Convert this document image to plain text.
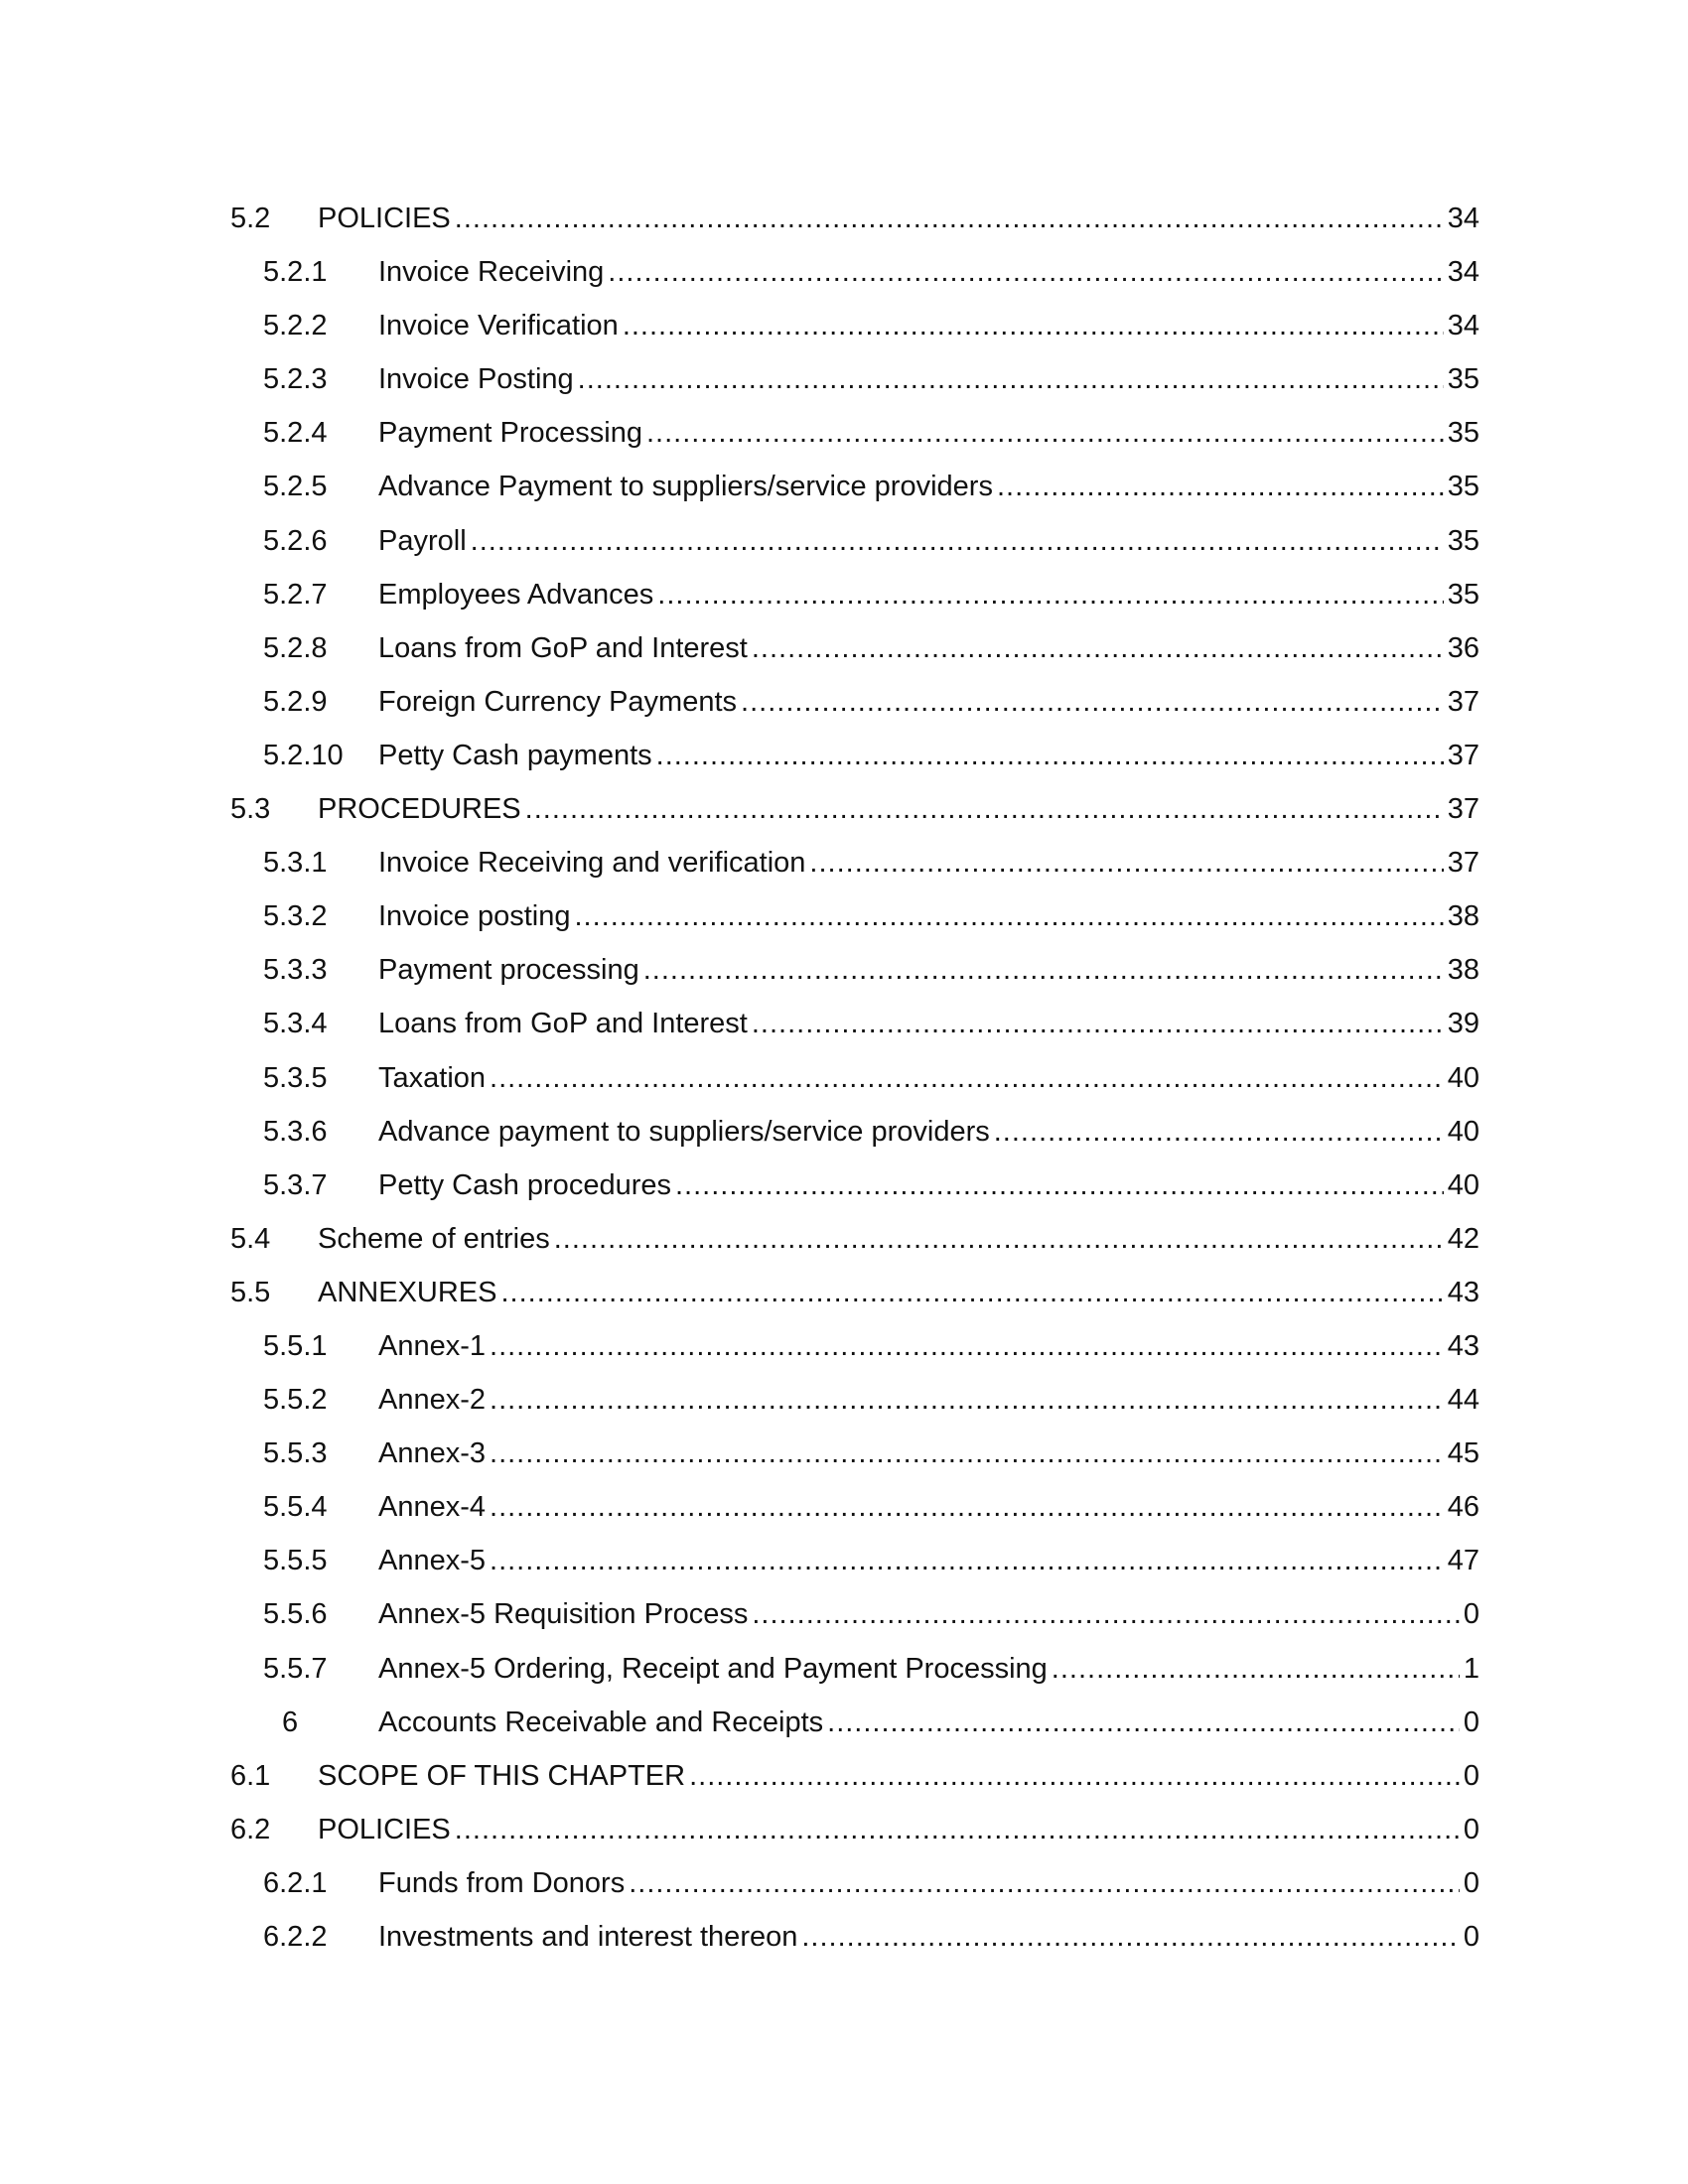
5.2 POLICIES .....	34
5.2.1 Invoice Receiving .....	34
5.2.2 Invoice Verification .....	34
5.2.3 Invoice Posting .....	35
5.2.4 Payment Processing .....	35
5.2.5 Advance Payment to suppliers/service providers .....	35
5.2.6 Payroll .....	35
5.2.7 Employees Advances .....	35
5.2.8 Loans from GoP and Interest .....	36
5.2.9 Foreign Currency Payments .....	37
5.2.10 Petty Cash payments .....	37
5.3 PROCEDURES .....	37
5.3.1 Invoice Receiving and verification .....	37
5.3.2 Invoice posting .....	38
5.3.3 Payment processing .....	38
5.3.4 Loans from GoP and Interest .....	39
5.3.5 Taxation .....	40
5.3.6 Advance payment to suppliers/service providers .....	40
5.3.7 Petty Cash procedures .....	40
5.4 Scheme of entries .....	42
5.5 ANNEXURES .....	43
5.5.1 Annex-1 .....	43
5.5.2 Annex-2 .....	44
5.5.3 Annex-3 .....	45
5.5.4 Annex-4 .....	46
5.5.5 Annex-5 .....	47
5.5.6 Annex-5 Requisition Process .....	0
5.5.7 Annex-5 Ordering, Receipt and Payment Processing .....	1
6	Accounts Receivable and Receipts .....	0
6.1 SCOPE OF THIS CHAPTER .....	0
6.2 POLICIES .....	0
6.2.1 Funds from Donors .....	0
6.2.2 Investments and interest thereon .....	0
